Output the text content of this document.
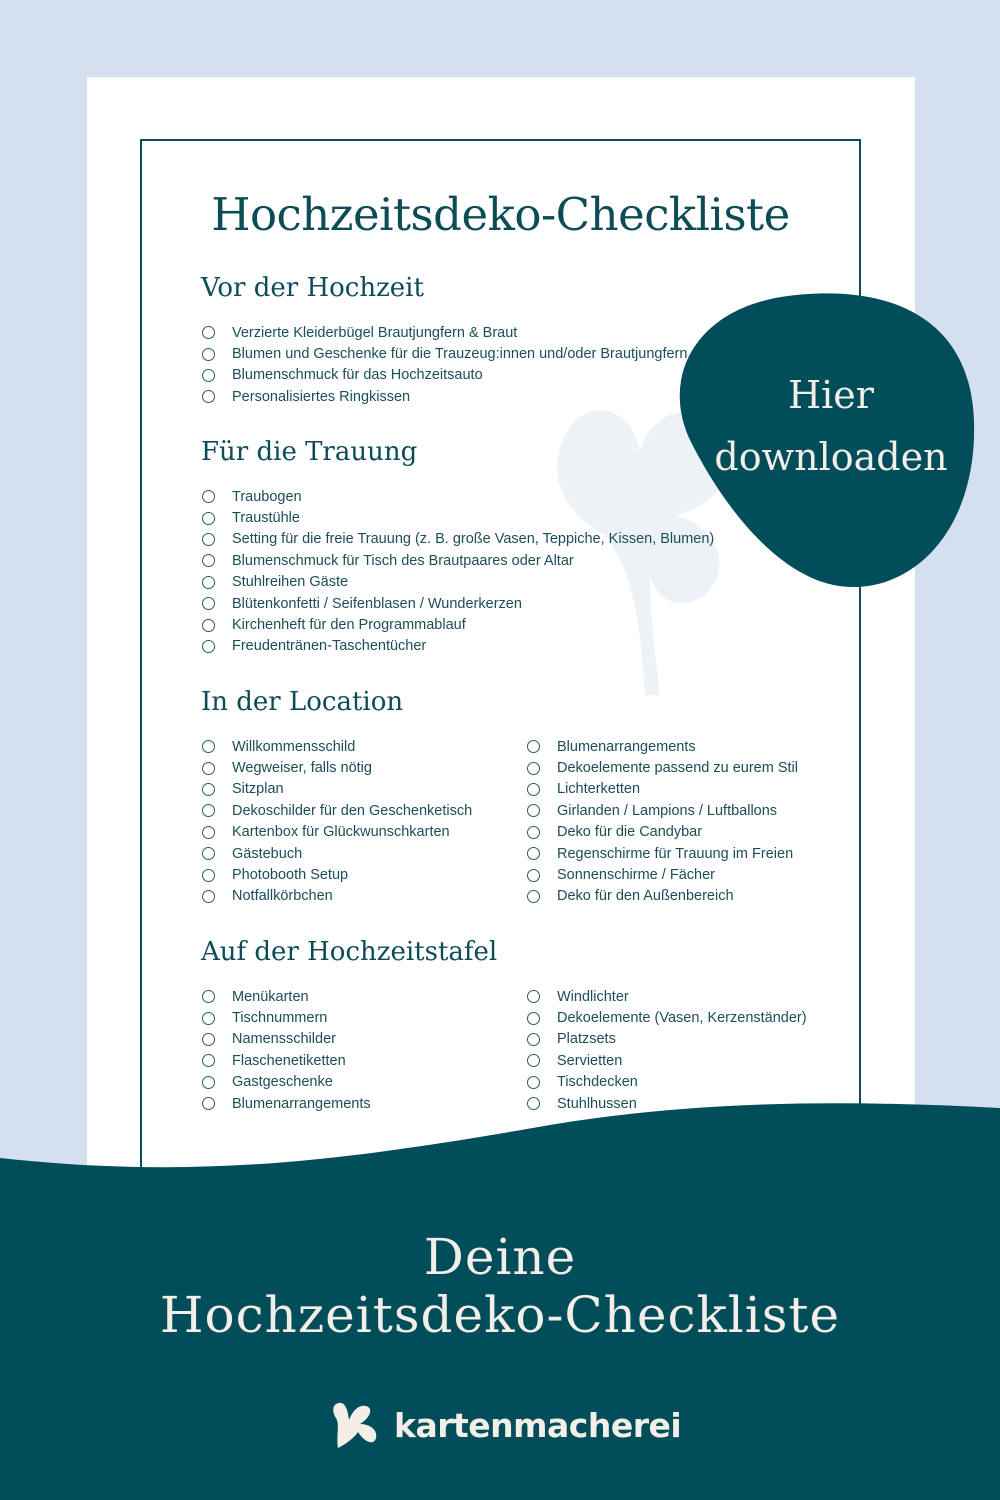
Hochzeitsdeko-Checkliste
Vor der Hochzeit
Verzierte Kleiderbügel Brautjungfern & Braut
Blumen und Geschenke für die Trauzeug:innen und/oder Brautjungfern
Blumenschmuck für das Hochzeitsauto
Personalisiertes Ringkissen
Für die Trauung
Traubogen
Traustühle
Setting für die freie Trauung (z. B. große Vasen, Teppiche, Kissen, Blumen)
Blumenschmuck für Tisch des Brautpaares oder Altar
Stuhlreihen Gäste
Blütenkonfetti / Seifenblasen / Wunderkerzen
Kirchenheft für den Programmablauf
Freudentränen-Taschentücher
In der Location
Willkommensschild
Wegweiser, falls nötig
Sitzplan
Dekoschilder für den Geschenketisch
Kartenbox für Glückwunschkarten
Gästebuch
Photobooth Setup
Notfallkörbchen
Blumenarrangements
Dekoelemente passend zu eurem Stil
Lichterketten
Girlanden / Lampions / Luftballons
Deko für die Candybar
Regenschirme für Trauung im Freien
Sonnenschirme / Fächer
Deko für den Außenbereich
Auf der Hochzeitstafel
Menükarten
Tischnummern
Namensschilder
Flaschenetiketten
Gastgeschenke
Blumenarrangements
Windlichter
Dekoelemente (Vasen, Kerzenständer)
Platzsets
Servietten
Tischdecken
Stuhlhussen
Hier
downloaden
Deine
Hochzeitsdeko-Checkliste
kartenmacherei
